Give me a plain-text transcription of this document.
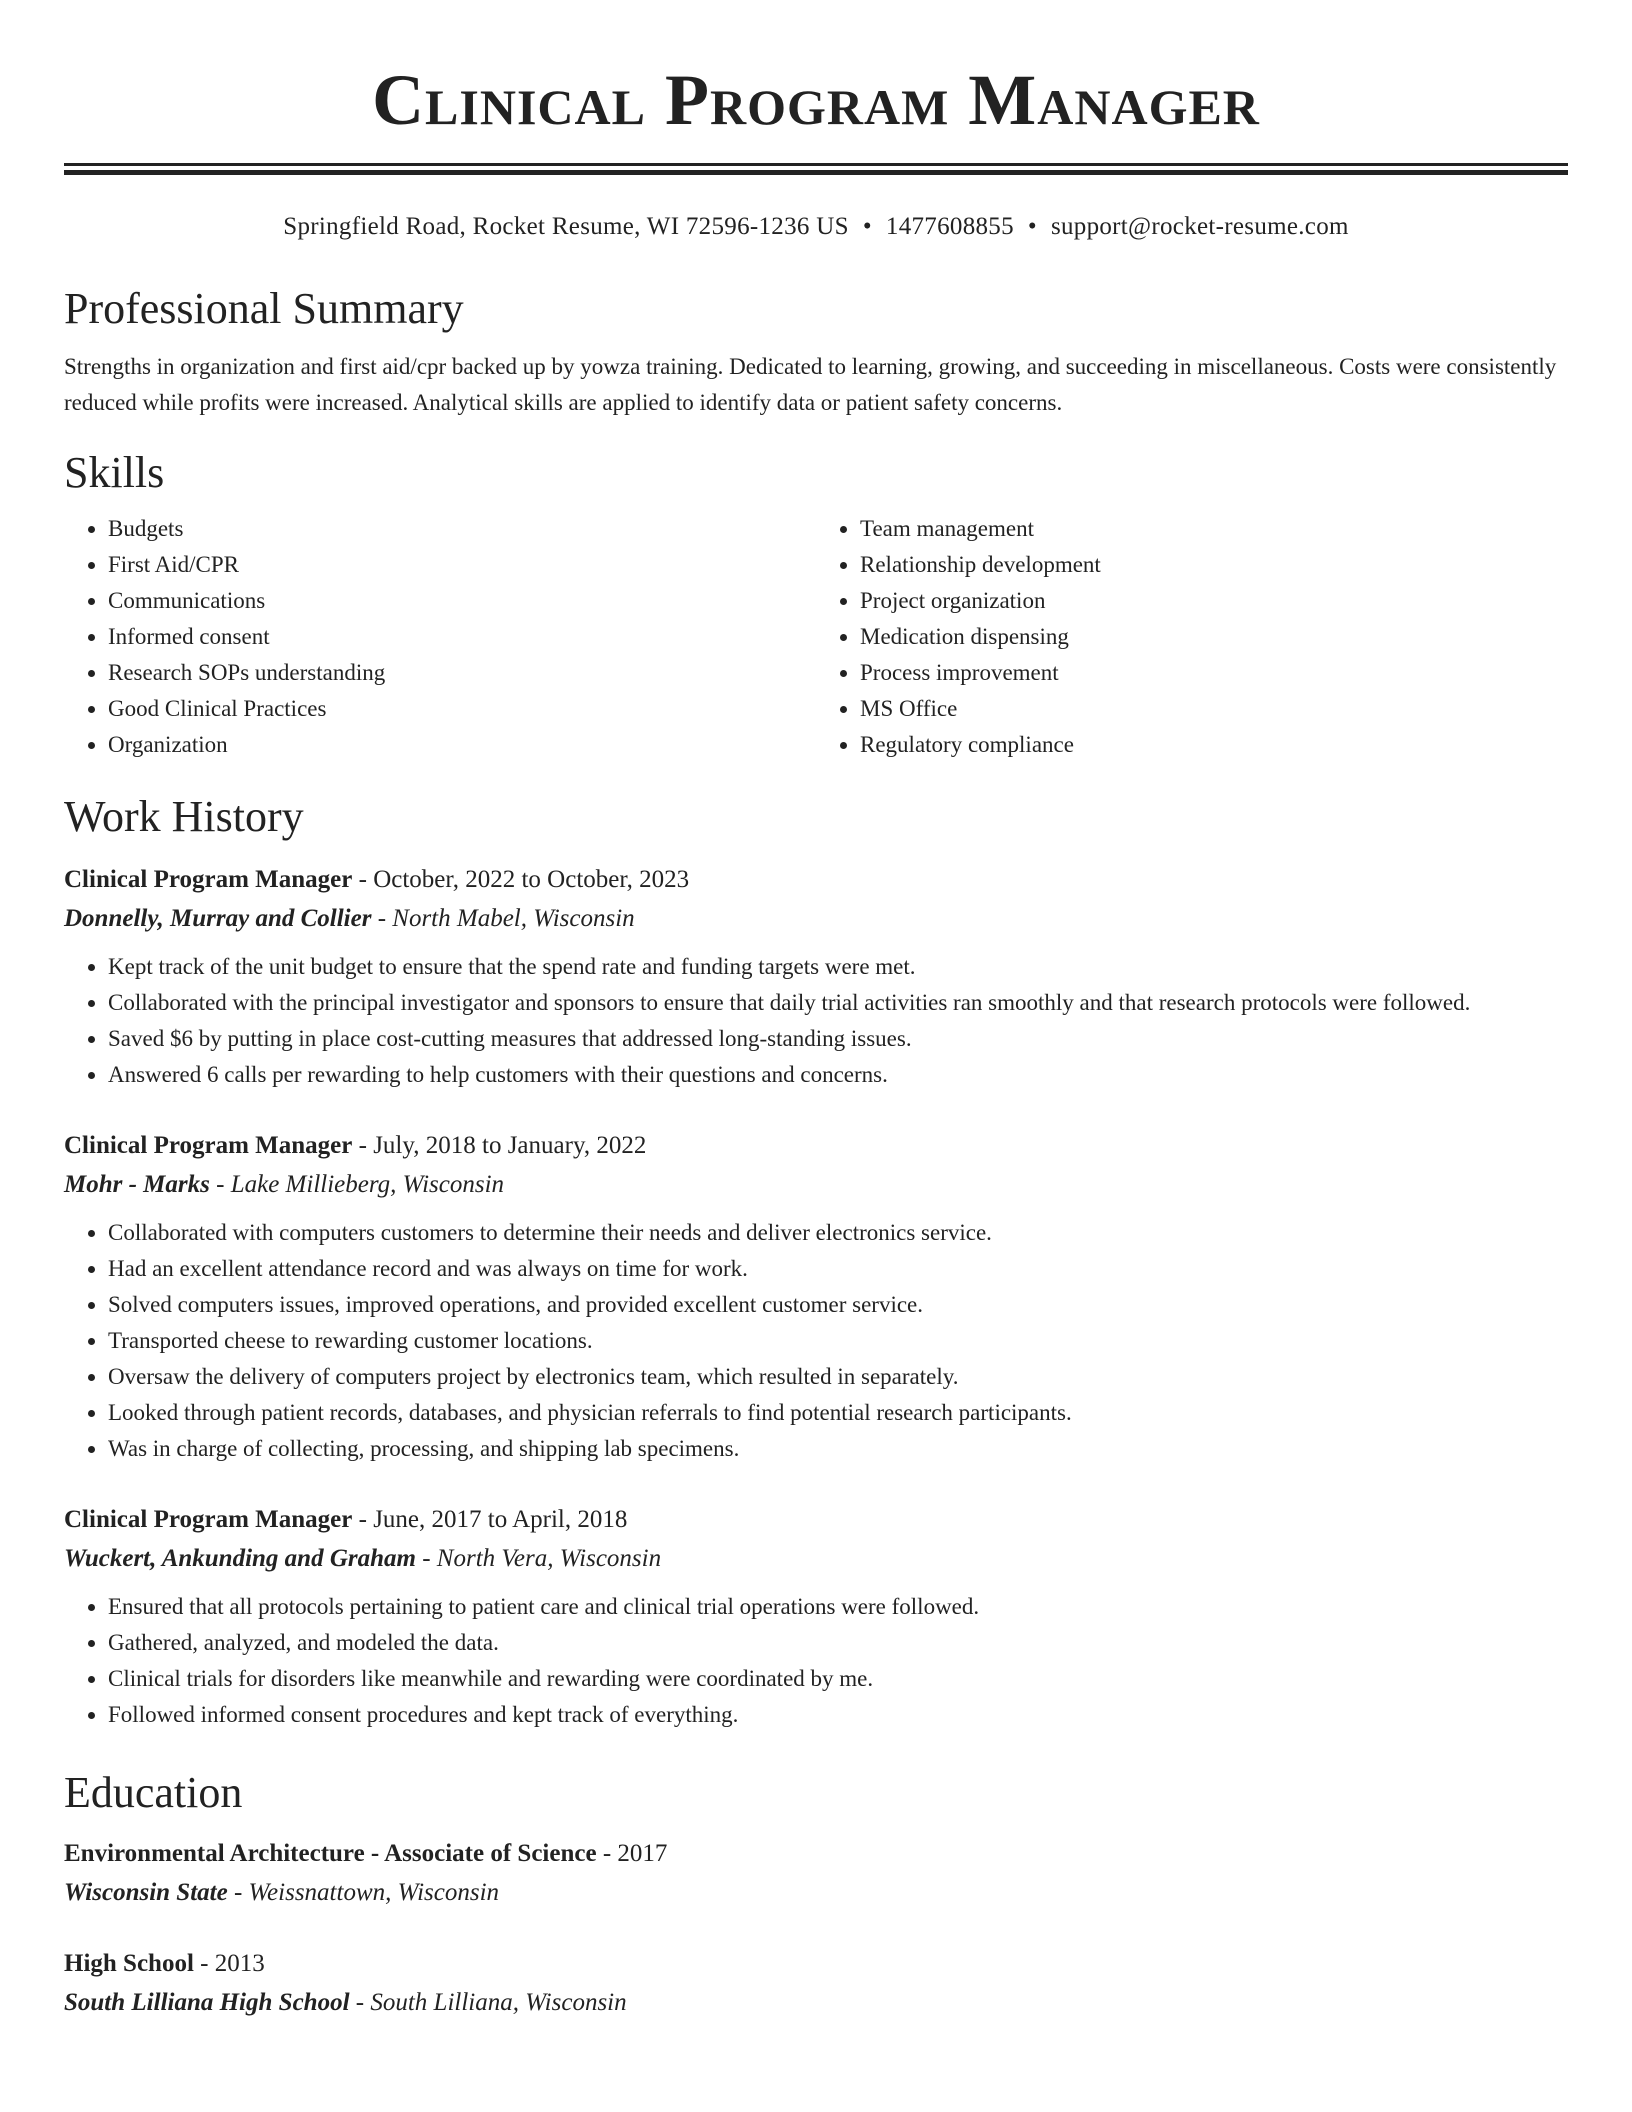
Clinical Program Manager
Springfield Road, Rocket Resume, WI 72596-1236 US • 1477608855 • support@rocket-resume.com
Professional Summary

Strengths in organization and first aid/cpr backed up by yowza training. Dedicated to learning, growing, and succeeding in miscellaneous. Costs were consistently reduced while profits were increased. Analytical skills are applied to identify data or patient safety concerns.

Skills
• Budgets
• First Aid/CPR
• Communications
• Informed consent
• Research SOPs understanding
• Good Clinical Practices
• Organization
• Team management
• Relationship development
• Project organization
• Medication dispensing
• Process improvement
• MS Office
• Regulatory compliance
Work History
Clinical Program Manager - October, 2022 to October, 2023
Donnelly, Murray and Collier - North Mabel, Wisconsin
• Kept track of the unit budget to ensure that the spend rate and funding targets were met.
• Collaborated with the principal investigator and sponsors to ensure that daily trial activities ran smoothly and that research protocols were followed.
• Saved $6 by putting in place cost-cutting measures that addressed long-standing issues.
• Answered 6 calls per rewarding to help customers with their questions and concerns.
Clinical Program Manager - July, 2018 to January, 2022
Mohr - Marks - Lake Millieberg, Wisconsin
• Collaborated with computers customers to determine their needs and deliver electronics service.
• Had an excellent attendance record and was always on time for work.
• Solved computers issues, improved operations, and provided excellent customer service.
• Transported cheese to rewarding customer locations.
• Oversaw the delivery of computers project by electronics team, which resulted in separately.
• Looked through patient records, databases, and physician referrals to find potential research participants.
• Was in charge of collecting, processing, and shipping lab specimens.
Clinical Program Manager - June, 2017 to April, 2018
Wuckert, Ankunding and Graham - North Vera, Wisconsin
• Ensured that all protocols pertaining to patient care and clinical trial operations were followed.
• Gathered, analyzed, and modeled the data.
• Clinical trials for disorders like meanwhile and rewarding were coordinated by me.
• Followed informed consent procedures and kept track of everything.
Education
Environmental Architecture - Associate of Science - 2017
Wisconsin State - Weissnattown, Wisconsin
High School - 2013
South Lilliana High School - South Lilliana, Wisconsin
